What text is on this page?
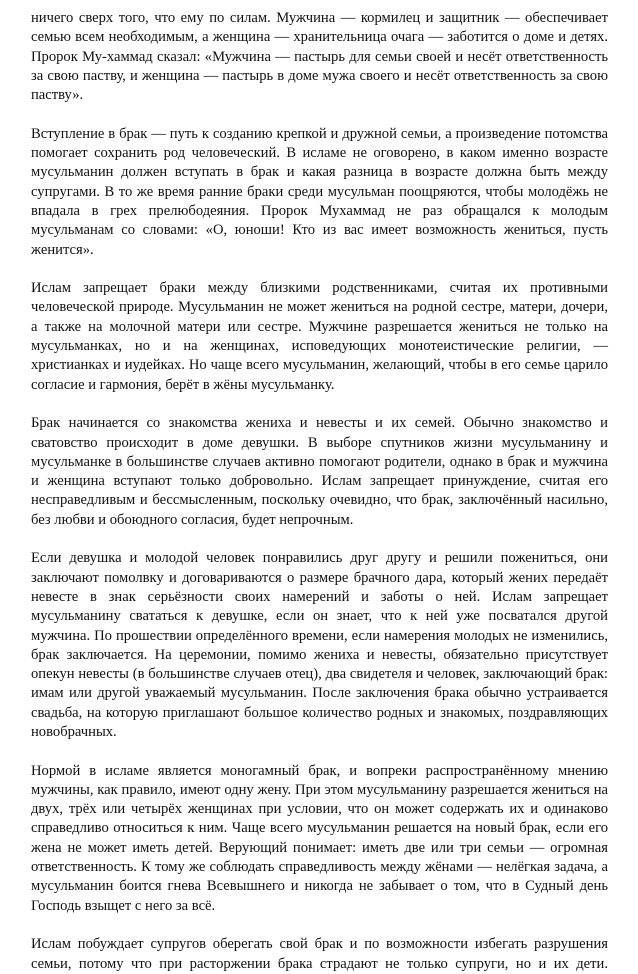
ничего сверх того, что ему по силам. Мужчина — кормилец и защитник — обеспечивает семью всем необходимым, а женщина — хранительница очага — заботится о доме и детях. Пророк Му-хаммад сказал: «Мужчина — пастырь для семьи своей и несёт ответственность за свою паству, и женщина — пастырь в доме мужа своего и несёт ответственность за свою паству».

Вступление в брак — путь к созданию крепкой и дружной семьи, а произведение потомства помогает сохранить род человеческий. В исламе не оговорено, в каком именно возрасте мусульманин должен вступать в брак и какая разница в возрасте должна быть между супругами. В то же время ранние браки среди мусульман поощряются, чтобы молодёжь не впадала в грех прелюбодеяния. Пророк Мухаммад не раз обращался к молодым мусульманам со словами: «О, юноши! Кто из вас имеет возможность жениться, пусть женится».

Ислам запрещает браки между близкими родственниками, считая их противными человеческой природе. Мусульманин не может жениться на родной сестре, матери, дочери, а также на молочной матери или сестре. Мужчине разрешается жениться не только на мусульманках, но и на женщинах, исповедующих монотеистические религии, — христианках и иудейках. Но чаще всего мусульманин, желающий, чтобы в его семье царило согласие и гармония, берёт в жёны мусульманку.

Брак начинается со знакомства жениха и невесты и их семей. Обычно знакомство и сватовство происходит в доме девушки. В выборе спутников жизни мусульманину и мусульманке в большинстве случаев активно помогают родители, однако в брак и мужчина и женщина вступают только добровольно. Ислам запрещает принуждение, считая его несправедливым и бессмысленным, поскольку очевидно, что брак, заключённый насильно, без любви и обоюдного согласия, будет непрочным.

Если девушка и молодой человек понравились друг другу и решили пожениться, они заключают помолвку и договариваются о размере брачного дара, который жених передаёт невесте в знак серьёзности своих намерений и заботы о ней. Ислам запрещает мусульманину свататься к девушке, если он знает, что к ней уже посватался другой мужчина. По прошествии определённого времени, если намерения молодых не изменились, брак заключается. На церемонии, помимо жениха и невесты, обязательно присутствует опекун невесты (в большинстве случаев отец), два свидетеля и человек, заключающий брак: имам или другой уважаемый мусульманин. После заключения брака обычно устраивается свадьба, на которую приглашают большое количество родных и знакомых, поздравляющих новобрачных.

Нормой в исламе является моногамный брак, и вопреки распространённому мнению мужчины, как правило, имеют одну жену. При этом мусульманину разрешается жениться на двух, трёх или четырёх женщинах при условии, что он может содержать их и одинаково справедливо относиться к ним. Чаще всего мусульманин решается на новый брак, если его жена не может иметь детей. Верующий понимает: иметь две или три семьи — огромная ответственность. К тому же соблюдать справедливость между жёнами — нелёгкая задача, а мусульманин боится гнева Всевышнего и никогда не забывает о том, что в Судный день Господь взыщет с него за всё.

Ислам побуждает супругов оберегать свой брак и по возможности избегать разрушения семьи, потому что при расторжении брака страдают не только супруги, но и их дети.
